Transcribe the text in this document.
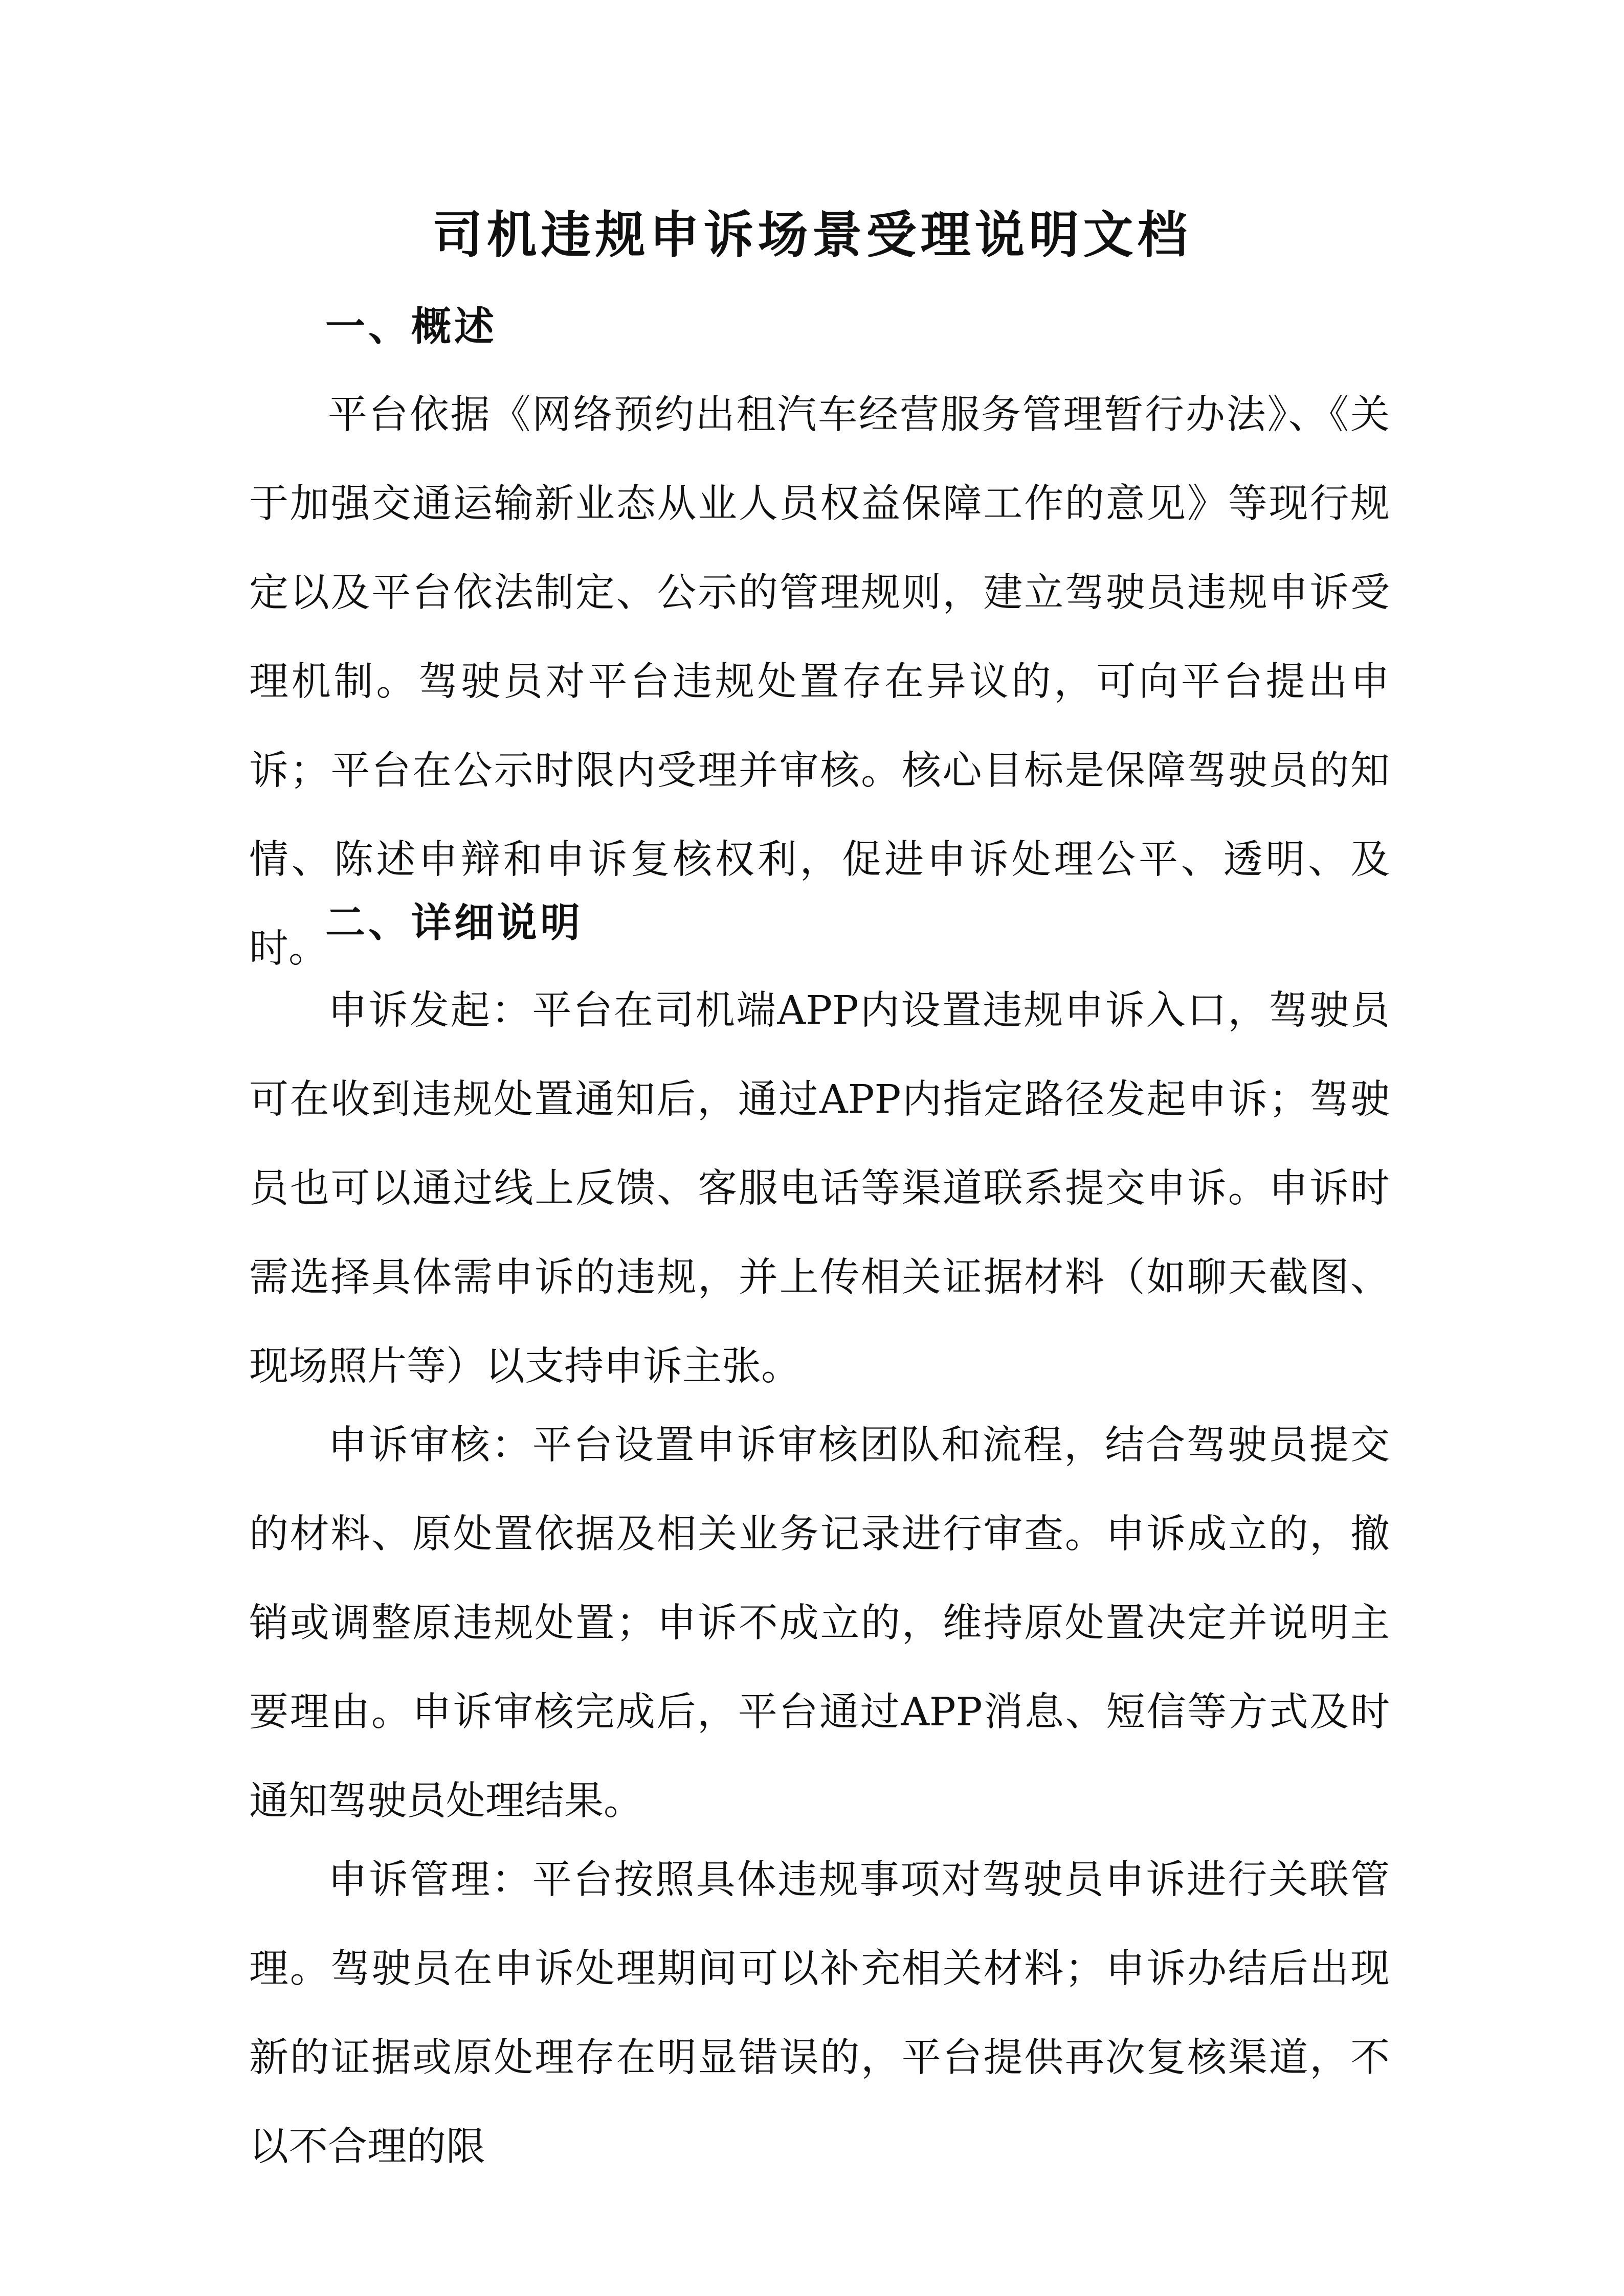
司机违规申诉场景受理说明文档
一、概述

平台依据《网络预约出租汽车经营服务管理暂行办法》、《关于加强交通运输新业态从业人员权益保障工作的意见》等现行规定以及平台依法制定、公示的管理规则，建立驾驶员违规申诉受理机制。驾驶员对平台违规处置存在异议的，可向平台提出申诉；平台在公示时限内受理并审核。核心目标是保障驾驶员的知情、陈述申辩和申诉复核权利，促进申诉处理公平、透明、及时。

二、详细说明

申诉发起：平台在司机端APP内设置违规申诉入口，驾驶员可在收到违规处置通知后，通过APP内指定路径发起申诉；驾驶员也可以通过线上反馈、客服电话等渠道联系提交申诉。申诉时需选择具体需申诉的违规，并上传相关证据材料（如聊天截图、现场照片等）以支持申诉主张。

申诉审核：平台设置申诉审核团队和流程，结合驾驶员提交的材料、原处置依据及相关业务记录进行审查。申诉成立的，撤销或调整原违规处置；申诉不成立的，维持原处置决定并说明主要理由。申诉审核完成后，平台通过APP消息、短信等方式及时通知驾驶员处理结果。

申诉管理：平台按照具体违规事项对驾驶员申诉进行关联管理。驾驶员在申诉处理期间可以补充相关材料；申诉办结后出现新的证据或原处理存在明显错误的，平台提供再次复核渠道，不以不合理的限
